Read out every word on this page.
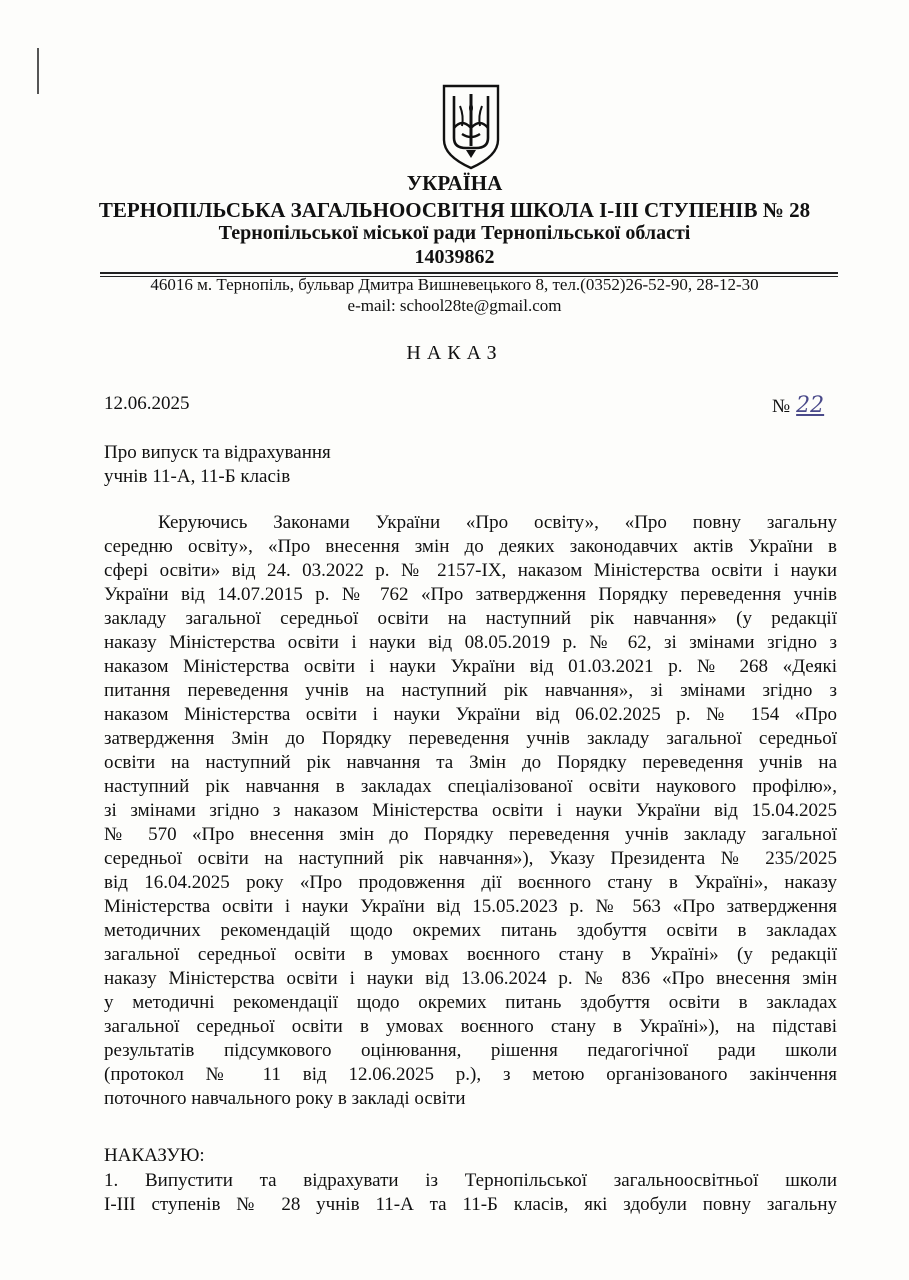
УКРАЇНА
ТЕРНОПІЛЬСЬКА ЗАГАЛЬНООСВІТНЯ ШКОЛА І-ІІІ СТУПЕНІВ № 28
Тернопільської міської ради Тернопільської області
14039862
46016 м. Тернопіль, бульвар Дмитра Вишневецького 8, тел.(0352)26-52-90, 28-12-30
e-mail: school28te@gmail.com
НАКАЗ
12.06.2025	№ 22
Про випуск та відрахування
учнів 11-А, 11-Б класів
Керуючись Законами України «Про освіту», «Про повну загальну
середню освіту», «Про внесення змін до деяких законодавчих актів України в
сфері освіти» від 24. 03.2022 р. № 2157-ІХ, наказом Міністерства освіти і науки
України від 14.07.2015 р. № 762 «Про затвердження Порядку переведення учнів
закладу загальної середньої освіти на наступний рік навчання» (у редакції
наказу Міністерства освіти і науки від 08.05.2019 р. № 62, зі змінами згідно з
наказом Міністерства освіти і науки України від 01.03.2021 р. № 268 «Деякі
питання переведення учнів на наступний рік навчання», зі змінами згідно з
наказом Міністерства освіти і науки України від 06.02.2025 р. № 154 «Про
затвердження Змін до Порядку переведення учнів закладу загальної середньої
освіти на наступний рік навчання та Змін до Порядку переведення учнів на
наступний рік навчання в закладах спеціалізованої освіти наукового профілю»,
зі змінами згідно з наказом Міністерства освіти і науки України від 15.04.2025
№ 570 «Про внесення змін до Порядку переведення учнів закладу загальної
середньої освіти на наступний рік навчання»), Указу Президента № 235/2025
від 16.04.2025 року «Про продовження дії воєнного стану в Україні», наказу
Міністерства освіти і науки України від 15.05.2023 р. № 563 «Про затвердження
методичних рекомендацій щодо окремих питань здобуття освіти в закладах
загальної середньої освіти в умовах воєнного стану в Україні» (у редакції
наказу Міністерства освіти і науки від 13.06.2024 р. № 836 «Про внесення змін
у методичні рекомендації щодо окремих питань здобуття освіти в закладах
загальної середньої освіти в умовах воєнного стану в Україні»), на підставі
результатів підсумкового оцінювання, рішення педагогічної ради школи
(протокол № 11 від 12.06.2025 р.), з метою організованого закінчення
поточного навчального року в закладі освіти
НАКАЗУЮ:
1. Випустити та відрахувати із Тернопільської загальноосвітньої школи
І-ІІІ ступенів № 28 учнів 11-А та 11-Б класів, які здобули повну загальну
